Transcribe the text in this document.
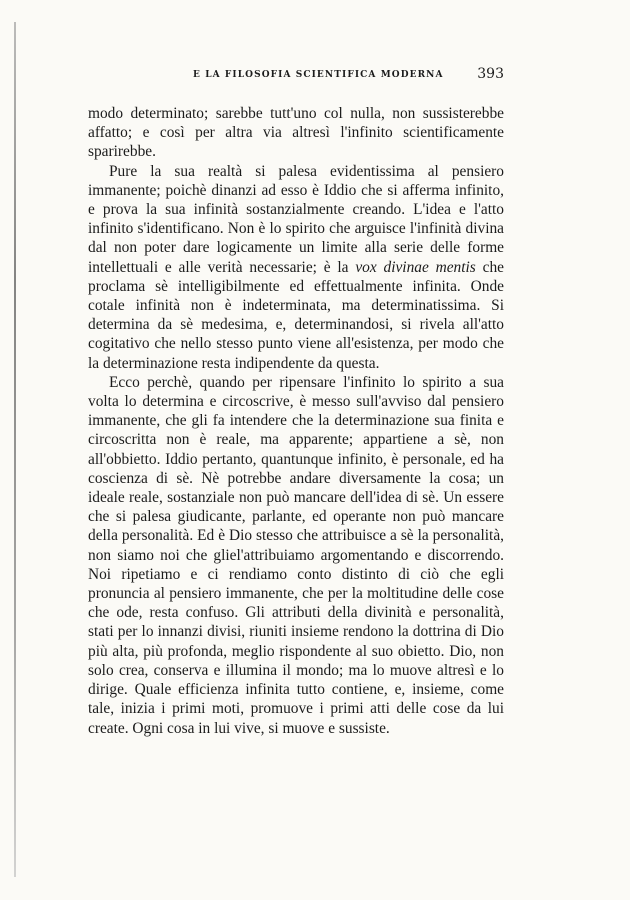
E LA FILOSOFIA SCIENTIFICA MODERNA 393

modo determinato; sarebbe tutt'uno col nulla, non sussisterebbe affatto; e così per altra via altresì l'infinito scientificamente sparirebbe.

Pure la sua realtà si palesa evidentissima al pensiero immanente; poichè dinanzi ad esso è Iddio che si afferma infinito, e prova la sua infinità sostanzialmente creando. L'idea e l'atto infinito s'identificano. Non è lo spirito che arguisce l'infinità divina dal non poter dare logicamente un limite alla serie delle forme intellettuali e alle verità necessarie; è la vox divinae mentis che proclama sè intelligibilmente ed effettualmente infinita. Onde cotale infinità non è indeterminata, ma determinatissima. Si determina da sè medesima, e, determinandosi, si rivela all'atto cogitativo che nello stesso punto viene all'esistenza, per modo che la determinazione resta indipendente da questa.

Ecco perchè, quando per ripensare l'infinito lo spirito a sua volta lo determina e circoscrive, è messo sull'avviso dal pensiero immanente, che gli fa intendere che la determinazione sua finita e circoscritta non è reale, ma apparente; appartiene a sè, non all'obbietto. Iddio pertanto, quantunque infinito, è personale, ed ha coscienza di sè. Nè potrebbe andare diversamente la cosa; un ideale reale, sostanziale non può mancare dell'idea di sè. Un essere che si palesa giudicante, parlante, ed operante non può mancare della personalità. Ed è Dio stesso che attribuisce a sè la personalità, non siamo noi che gliel'attribuiamo argomentando e discorrendo. Noi ripetiamo e ci rendiamo conto distinto di ciò che egli pronuncia al pensiero immanente, che per la moltitudine delle cose che ode, resta confuso. Gli attributi della divinità e personalità, stati per lo innanzi divisi, riuniti insieme rendono la dottrina di Dio più alta, più profonda, meglio rispondente al suo obietto. Dio, non solo crea, conserva e illumina il mondo; ma lo muove altresì e lo dirige. Quale efficienza infinita tutto contiene, e, insieme, come tale, inizia i primi moti, promuove i primi atti delle cose da lui create. Ogni cosa in lui vive, si muove e sussiste.
